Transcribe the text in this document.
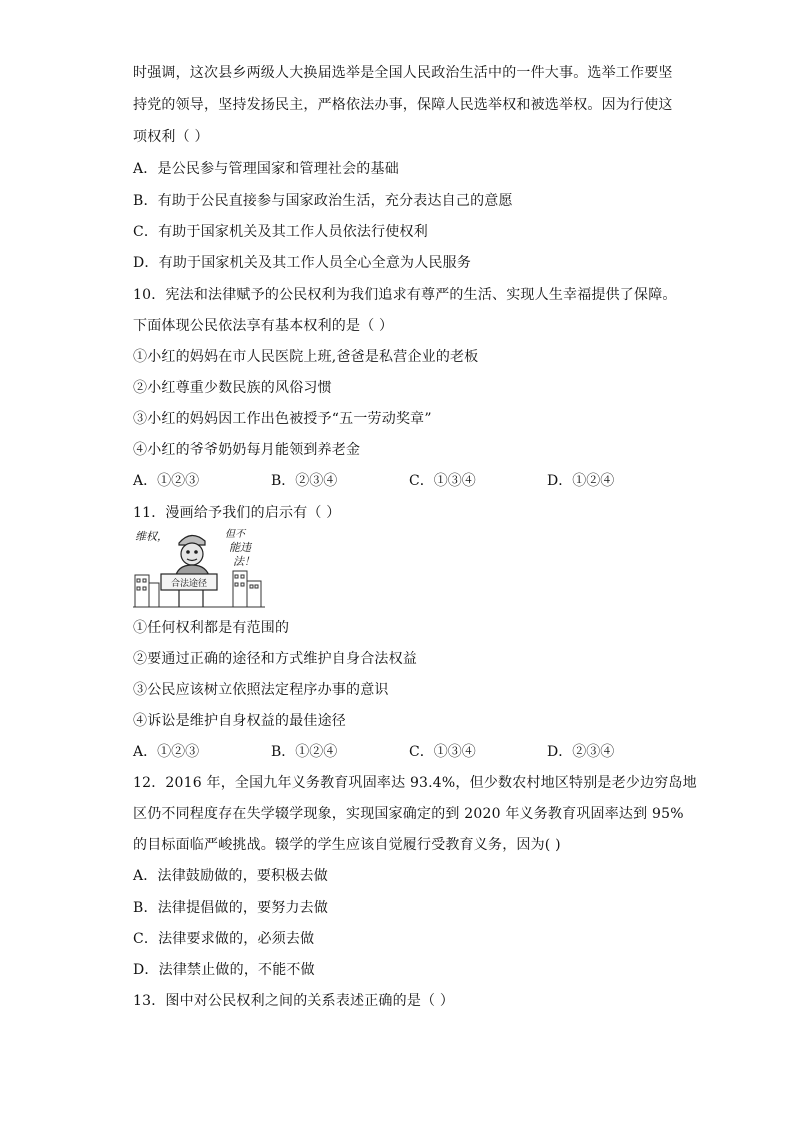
时强调，这次县乡两级人大换届选举是全国人民政治生活中的一件大事。选举工作要坚
持党的领导，坚持发扬民主，严格依法办事，保障人民选举权和被选举权。因为行使这
项权利（ ）
A．是公民参与管理国家和管理社会的基础
B．有助于公民直接参与国家政治生活，充分表达自己的意愿
C．有助于国家机关及其工作人员依法行使权利
D．有助于国家机关及其工作人员全心全意为人民服务
10．宪法和法律赋予的公民权利为我们追求有尊严的生活、实现人生幸福提供了保障。
下面体现公民依法享有基本权利的是（ ）
①小红的妈妈在市人民医院上班,爸爸是私营企业的老板
②小红尊重少数民族的风俗习惯
③小红的妈妈因工作出色被授予“五一劳动奖章”
④小红的爷爷奶奶每月能领到养老金
A．①②③	B．②③④	C．①③④	D．①②④
11．漫画给予我们的启示有（ ）
合法途径
维权，	但不
能违
法！
①任何权利都是有范围的
②要通过正确的途径和方式维护自身合法权益
③公民应该树立依照法定程序办事的意识
④诉讼是维护自身权益的最佳途径
A．①②③	B．①②④	C．①③④	D．②③④
12．2016 年，全国九年义务教育巩固率达 93.4%，但少数农村地区特别是老少边穷岛地
区仍不同程度存在失学辍学现象，实现国家确定的到 2020 年义务教育巩固率达到 95%
的目标面临严峻挑战。辍学的学生应该自觉履行受教育义务，因为( )
A．法律鼓励做的，要积极去做
B．法律提倡做的，要努力去做
C．法律要求做的，必须去做
D．法律禁止做的，不能不做
13．图中对公民权利之间的关系表述正确的是（ ）
